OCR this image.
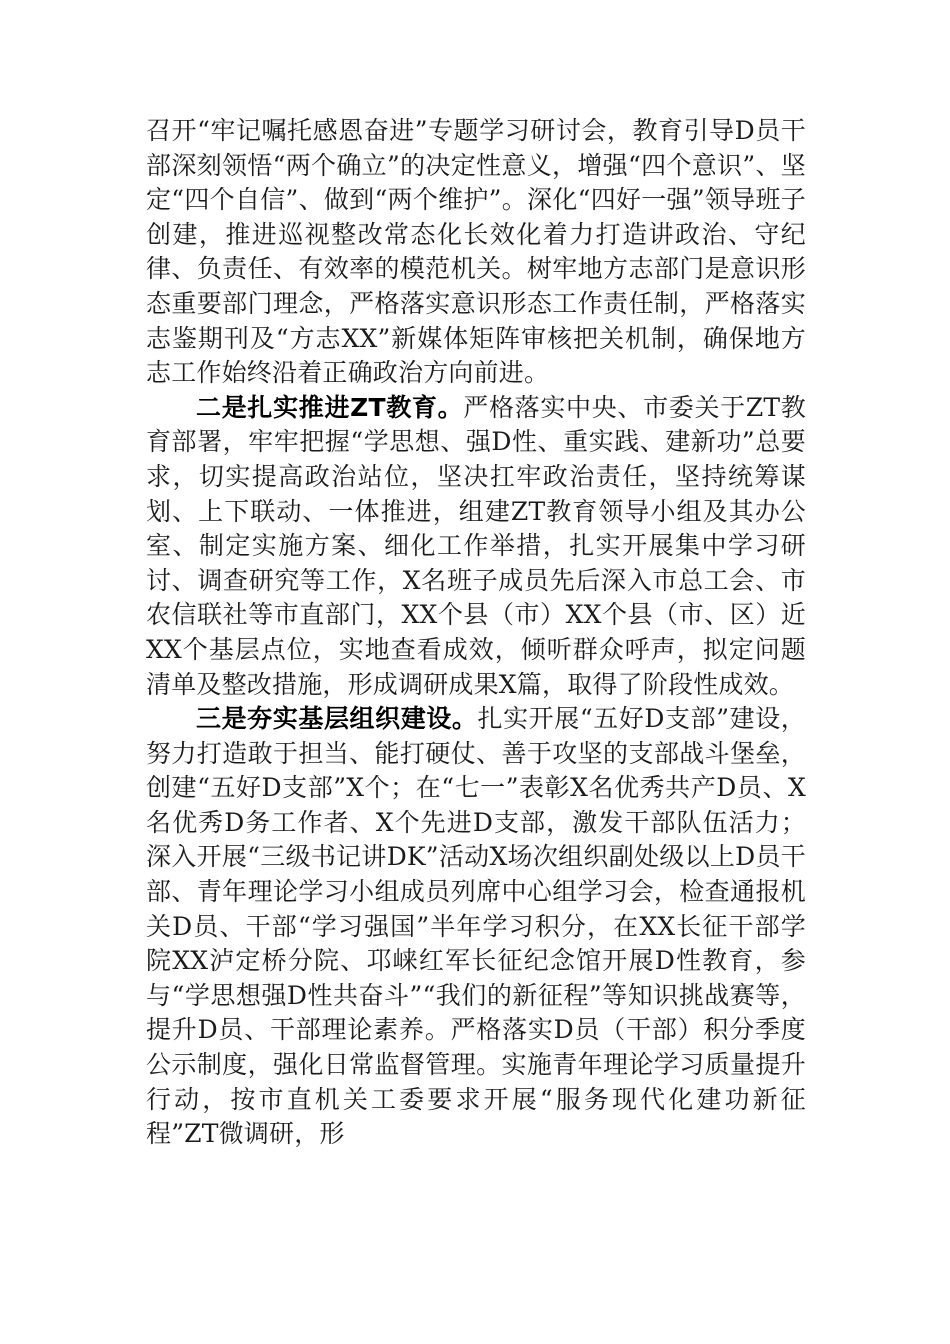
召开“牢记嘱托感恩奋进”专题学习研讨会，教育引导D员干部深刻领悟“两个确立”的决定性意义，增强“四个意识”、坚定“四个自信”、做到“两个维护”。深化“四好一强”领导班子创建，推进巡视整改常态化长效化着力打造讲政治、守纪律、负责任、有效率的模范机关。树牢地方志部门是意识形态重要部门理念，严格落实意识形态工作责任制，严格落实志鉴期刊及“方志XX”新媒体矩阵审核把关机制，确保地方志工作始终沿着正确政治方向前进。

二是扎实推进ZT教育。严格落实中央、市委关于ZT教育部署，牢牢把握“学思想、强D性、重实践、建新功”总要求，切实提高政治站位，坚决扛牢政治责任，坚持统筹谋划、上下联动、一体推进，组建ZT教育领导小组及其办公室、制定实施方案、细化工作举措，扎实开展集中学习研讨、调查研究等工作，X名班子成员先后深入市总工会、市农信联社等市直部门，XX个县（市）XX个县（市、区）近XX个基层点位，实地查看成效，倾听群众呼声，拟定问题清单及整改措施，形成调研成果X篇，取得了阶段性成效。

三是夯实基层组织建设。扎实开展“五好D支部”建设，努力打造敢于担当、能打硬仗、善于攻坚的支部战斗堡垒，创建“五好D支部”X个；在“七一”表彰X名优秀共产D员、X名优秀D务工作者、X个先进D支部，激发干部队伍活力；深入开展“三级书记讲DK”活动X场次组织副处级以上D员干部、青年理论学习小组成员列席中心组学习会，检查通报机关D员、干部“学习强国”半年学习积分，在XX长征干部学院XX泸定桥分院、邛崃红军长征纪念馆开展D性教育，参与“学思想强D性共奋斗”“我们的新征程”等知识挑战赛等，提升D员、干部理论素养。严格落实D员（干部）积分季度公示制度，强化日常监督管理。实施青年理论学习质量提升行动，按市直机关工委要求开展“服务现代化建功新征程”ZT微调研，形
